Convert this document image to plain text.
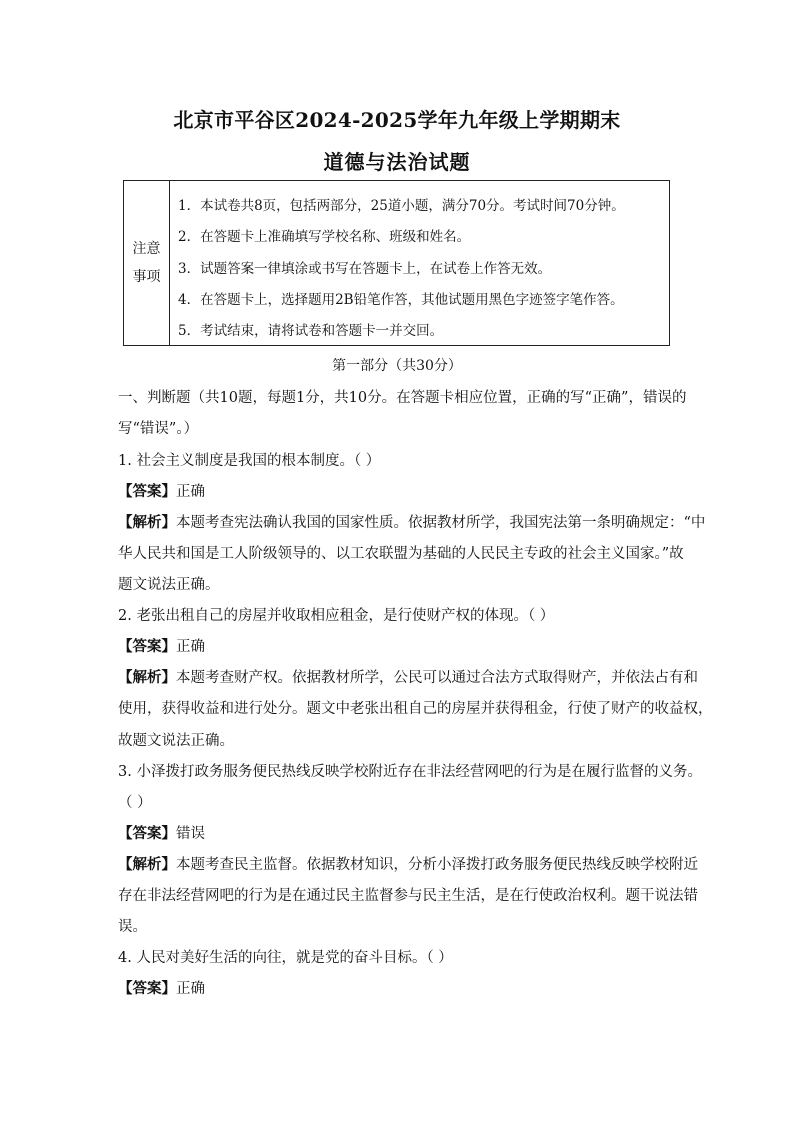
北京市平谷区2024-2025学年九年级上学期期末
道德与法治试题
注意
事项
1．本试卷共8页，包括两部分，25道小题，满分70分。考试时间70分钟。
2．在答题卡上准确填写学校名称、班级和姓名。
3．试题答案一律填涂或书写在答题卡上，在试卷上作答无效。
4．在答题卡上，选择题用2B铅笔作答，其他试题用黑色字迹签字笔作答。
5．考试结束，请将试卷和答题卡一并交回。
第一部分（共30分）
一、判断题（共10题，每题1分，共10分。在答题卡相应位置，正确的写“正确”，错误的
写“错误”。）
1. 社会主义制度是我国的根本制度。（ ）
【答案】正确
【解析】本题考查宪法确认我国的国家性质。依据教材所学，我国宪法第一条明确规定：“中
华人民共和国是工人阶级领导的、以工农联盟为基础的人民民主专政的社会主义国家。”故
题文说法正确。
2. 老张出租自己的房屋并收取相应租金，是行使财产权的体现。（ ）
【答案】正确
【解析】本题考查财产权。依据教材所学，公民可以通过合法方式取得财产，并依法占有和
使用，获得收益和进行处分。题文中老张出租自己的房屋并获得租金，行使了财产的收益权，
故题文说法正确。
3. 小泽拨打政务服务便民热线反映学校附近存在非法经营网吧的行为是在履行监督的义务。
（ ）
【答案】错误
【解析】本题考查民主监督。依据教材知识，分析小泽拨打政务服务便民热线反映学校附近
存在非法经营网吧的行为是在通过民主监督参与民主生活，是在行使政治权利。题干说法错
误。
4. 人民对美好生活的向往，就是党的奋斗目标。（ ）
【答案】正确
